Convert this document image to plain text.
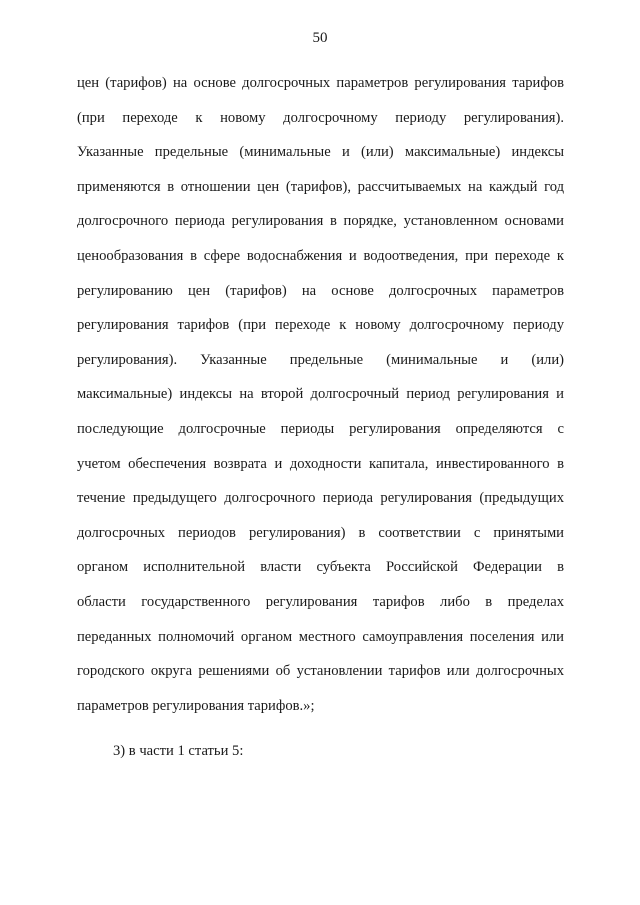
50
цен (тарифов) на основе долгосрочных параметров регулирования тарифов
(при переходе к новому долгосрочному периоду регулирования).
Указанные предельные (минимальные и (или) максимальные) индексы
применяются в отношении цен (тарифов), рассчитываемых на каждый год
долгосрочного периода регулирования в порядке, установленном основами
ценообразования в сфере водоснабжения и водоотведения, при переходе к
регулированию цен (тарифов) на основе долгосрочных параметров
регулирования тарифов (при переходе к новому долгосрочному периоду
регулирования). Указанные предельные (минимальные и (или)
максимальные) индексы на второй долгосрочный период регулирования и
последующие долгосрочные периоды регулирования определяются с
учетом обеспечения возврата и доходности капитала, инвестированного в
течение предыдущего долгосрочного периода регулирования (предыдущих
долгосрочных периодов регулирования) в соответствии с принятыми
органом исполнительной власти субъекта Российской Федерации в
области государственного регулирования тарифов либо в пределах
переданных полномочий органом местного самоуправления поселения или
городского округа решениями об установлении тарифов или долгосрочных
параметров регулирования тарифов.»;
3) в части 1 статьи 5:
